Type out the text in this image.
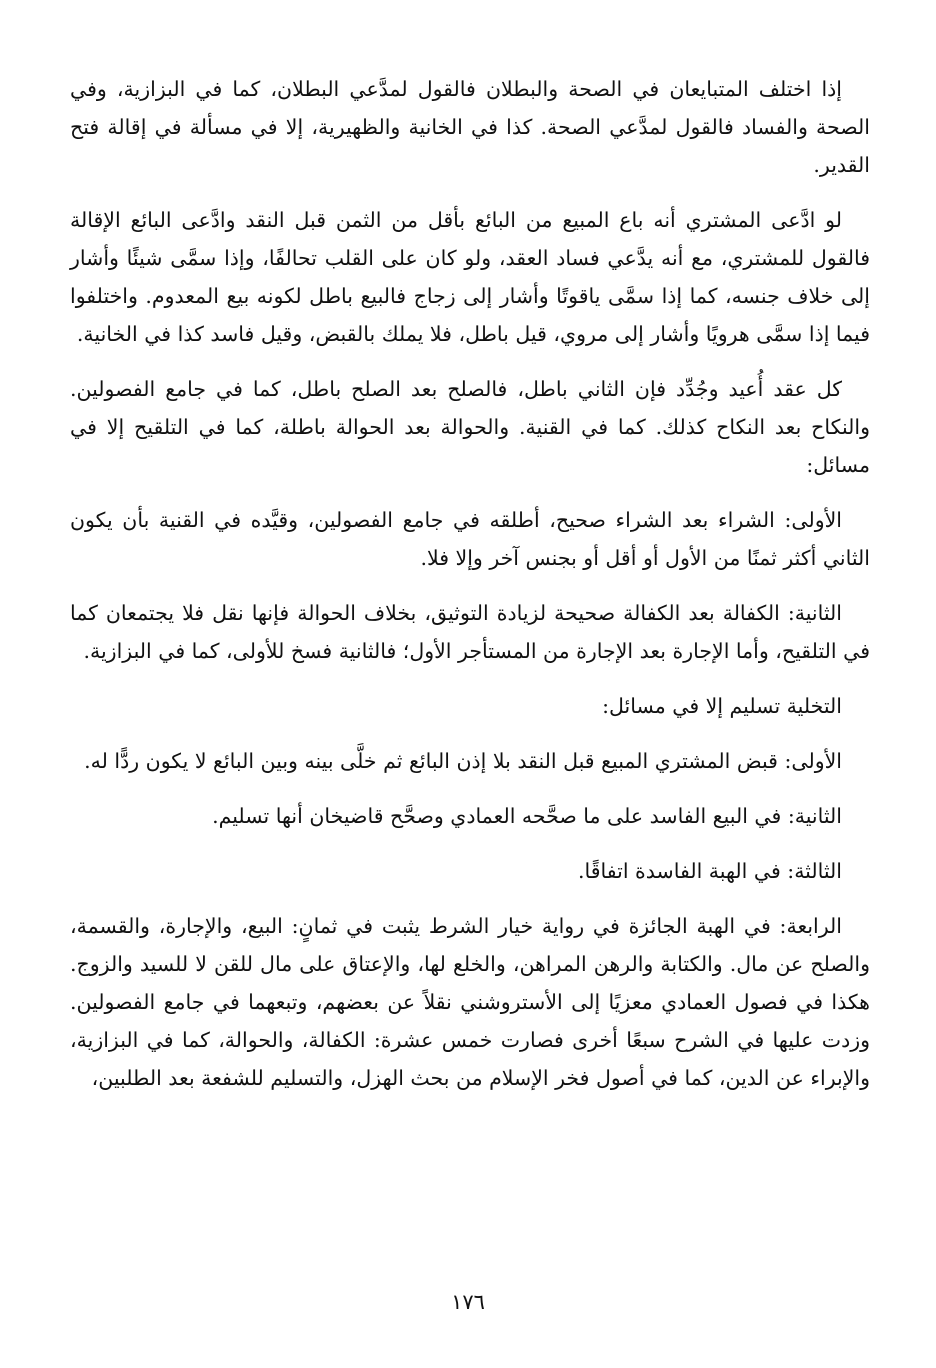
إذا اختلف المتبايعان في الصحة والبطلان فالقول لمدَّعي البطلان، كما في البزازية، وفي الصحة والفساد فالقول لمدَّعي الصحة. كذا في الخانية والظهيرية، إلا في مسألة في إقالة فتح القدير.

لو ادَّعى المشتري أنه باع المبيع من البائع بأقل من الثمن قبل النقد وادَّعى البائع الإقالة فالقول للمشتري، مع أنه يدَّعي فساد العقد، ولو كان على القلب تحالفًا، وإذا سمَّى شيئًا وأشار إلى خلاف جنسه، كما إذا سمَّى ياقوتًا وأشار إلى زجاج فالبيع باطل لكونه بيع المعدوم. واختلفوا فيما إذا سمَّى هرويًا وأشار إلى مروي، قيل باطل، فلا يملك بالقبض، وقيل فاسد كذا في الخانية.

كل عقد أُعيد وجُدِّد فإن الثاني باطل، فالصلح بعد الصلح باطل، كما في جامع الفصولين. والنكاح بعد النكاح كذلك. كما في القنية. والحوالة بعد الحوالة باطلة، كما في التلقيح إلا في مسائل:

الأولى: الشراء بعد الشراء صحيح، أطلقه في جامع الفصولين، وقيَّده في القنية بأن يكون الثاني أكثر ثمنًا من الأول أو أقل أو بجنس آخر وإلا فلا.

الثانية: الكفالة بعد الكفالة صحيحة لزيادة التوثيق، بخلاف الحوالة فإنها نقل فلا يجتمعان كما في التلقيح، وأما الإجارة بعد الإجارة من المستأجر الأول؛ فالثانية فسخ للأولى، كما في البزازية.

التخلية تسليم إلا في مسائل:

الأولى: قبض المشتري المبيع قبل النقد بلا إذن البائع ثم خلَّى بينه وبين البائع لا يكون ردًّا له.

الثانية: في البيع الفاسد على ما صحَّحه العمادي وصحَّح قاضيخان أنها تسليم.

الثالثة: في الهبة الفاسدة اتفاقًا.

الرابعة: في الهبة الجائزة في رواية خيار الشرط يثبت في ثمانٍ: البيع، والإجارة، والقسمة، والصلح عن مال. والكتابة والرهن المراهن، والخلع لها، والإعتاق على مال للقن لا للسيد والزوج. هكذا في فصول العمادي معزيًا إلى الأستروشني نقلاً عن بعضهم، وتبعهما في جامع الفصولين. وزدت عليها في الشرح سبعًا أخرى فصارت خمس عشرة: الكفالة، والحوالة، كما في البزازية، والإبراء عن الدين، كما في أصول فخر الإسلام من بحث الهزل، والتسليم للشفعة بعد الطلبين،

١٧٦
